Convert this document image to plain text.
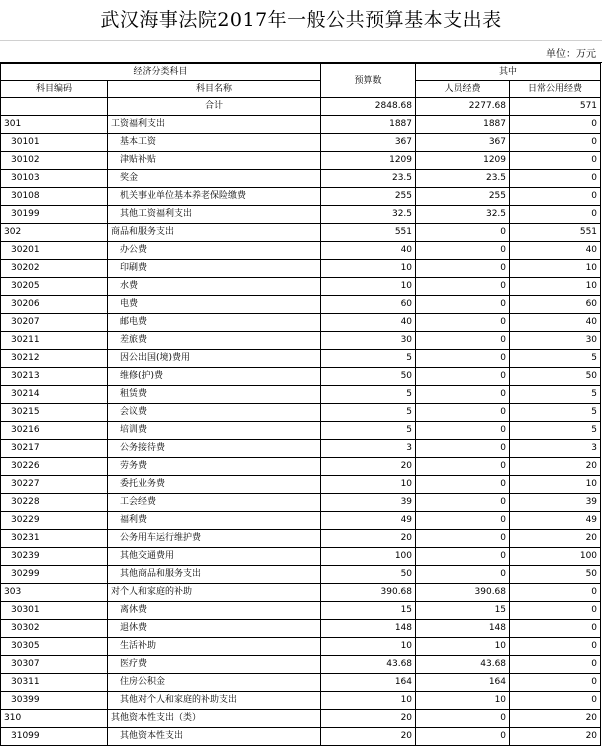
武汉海事法院2017年一般公共预算基本支出表
单位：万元
经济分类科目		预算数	其中	
科目编码	科目名称		人员经费	日常公用经费
	合计	2848.68	2277.68	571
301	工资福利支出	1887	1887	0
30101	基本工资	367	367	0
30102	津贴补贴	1209	1209	0
30103	奖金	23.5	23.5	0
30108	机关事业单位基本养老保险缴费	255	255	0
30199	其他工资福利支出	32.5	32.5	0
302	商品和服务支出	551	0	551
30201	办公费	40	0	40
30202	印刷费	10	0	10
30205	水费	10	0	10
30206	电费	60	0	60
30207	邮电费	40	0	40
30211	差旅费	30	0	30
30212	因公出国(境)费用	5	0	5
30213	维修(护)费	50	0	50
30214	租赁费	5	0	5
30215	会议费	5	0	5
30216	培训费	5	0	5
30217	公务接待费	3	0	3
30226	劳务费	20	0	20
30227	委托业务费	10	0	10
30228	工会经费	39	0	39
30229	福利费	49	0	49
30231	公务用车运行维护费	20	0	20
30239	其他交通费用	100	0	100
30299	其他商品和服务支出	50	0	50
303	对个人和家庭的补助	390.68	390.68	0
30301	离休费	15	15	0
30302	退休费	148	148	0
30305	生活补助	10	10	0
30307	医疗费	43.68	43.68	0
30311	住房公积金	164	164	0
30399	其他对个人和家庭的补助支出	10	10	0
310	其他资本性支出（类）	20	0	20
31099	其他资本性支出	20	0	20
